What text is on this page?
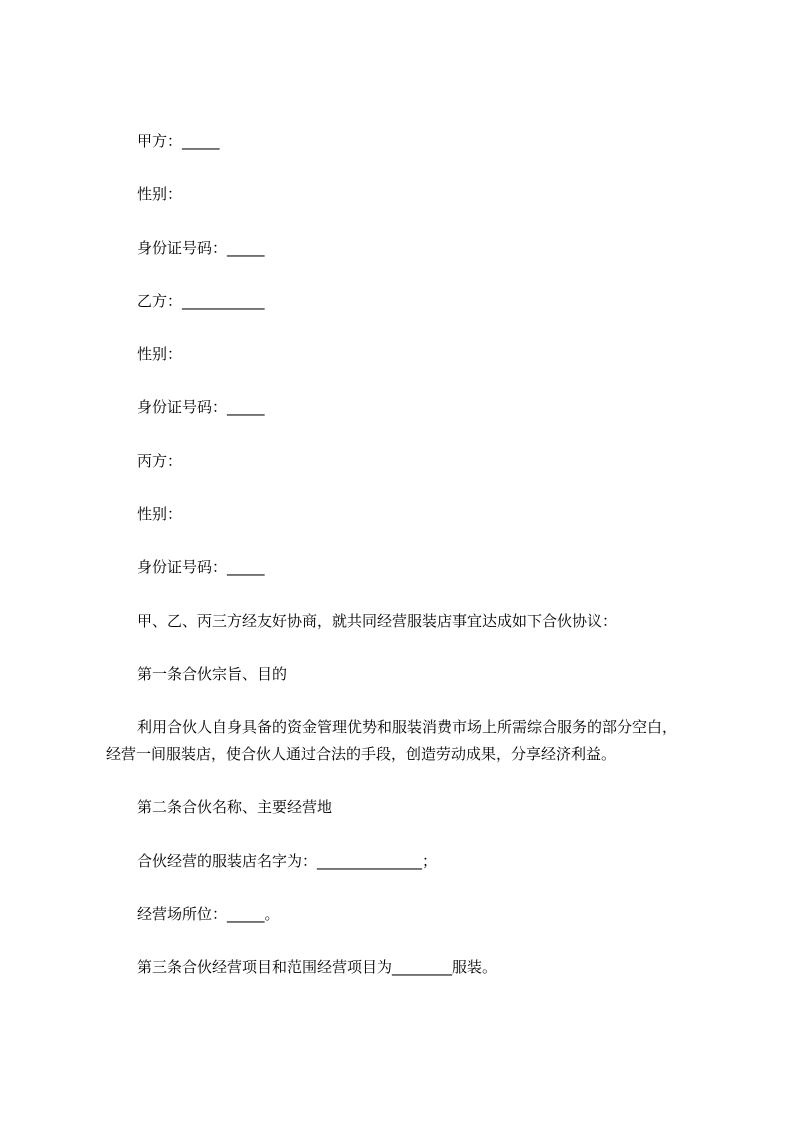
甲方：_____
性别：
身份证号码：_____
乙方：___________
性别：
身份证号码：_____
丙方：
性别：
身份证号码：_____
甲、乙、丙三方经友好协商，就共同经营服装店事宜达成如下合伙协议：
第一条合伙宗旨、目的
利用合伙人自身具备的资金管理优势和服装消费市场上所需综合服务的部分空白，
经营一间服装店，使合伙人通过合法的手段，创造劳动成果，分享经济利益。
第二条合伙名称、主要经营地
合伙经营的服装店名字为：______________；
经营场所位：_____。
第三条合伙经营项目和范围经营项目为________服装。
